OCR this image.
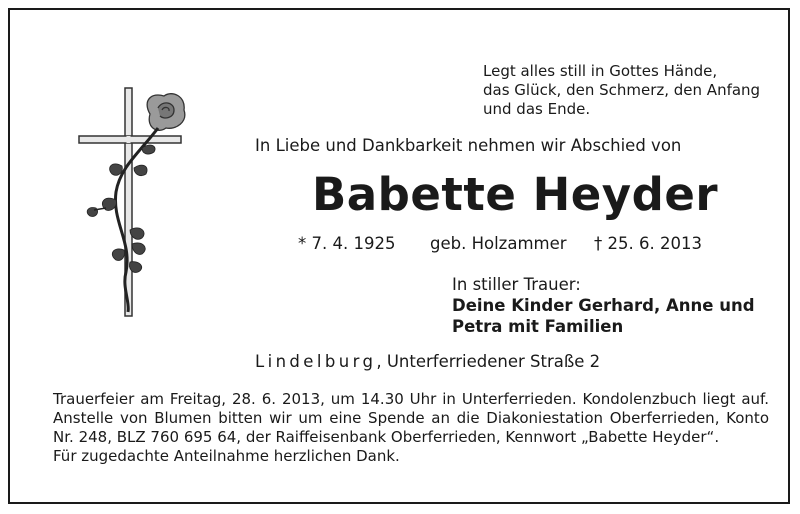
Legt alles still in Gottes Hände,
das Glück, den Schmerz, den Anfang
und das Ende.
In Liebe und Dankbarkeit nehmen wir Abschied von
Babette Heyder
* 7. 4. 1925 geb. Holzammer † 25. 6. 2013
In stiller Trauer:
Deine Kinder Gerhard, Anne und
Petra mit Familien
Lindelburg, Unterferriedener Straße 2
Trauerfeier am Freitag, 28. 6. 2013, um 14.30 Uhr in Unterferrieden. Kondolenzbuch liegt auf. Anstelle von Blumen bitten wir um eine Spende an die Diakoniestation Oberferrieden, Konto Nr. 248, BLZ 760 695 64, der Raiffeisenbank Oberferrieden, Kennwort „Babette Heyder“.
Für zugedachte Anteilnahme herzlichen Dank.
